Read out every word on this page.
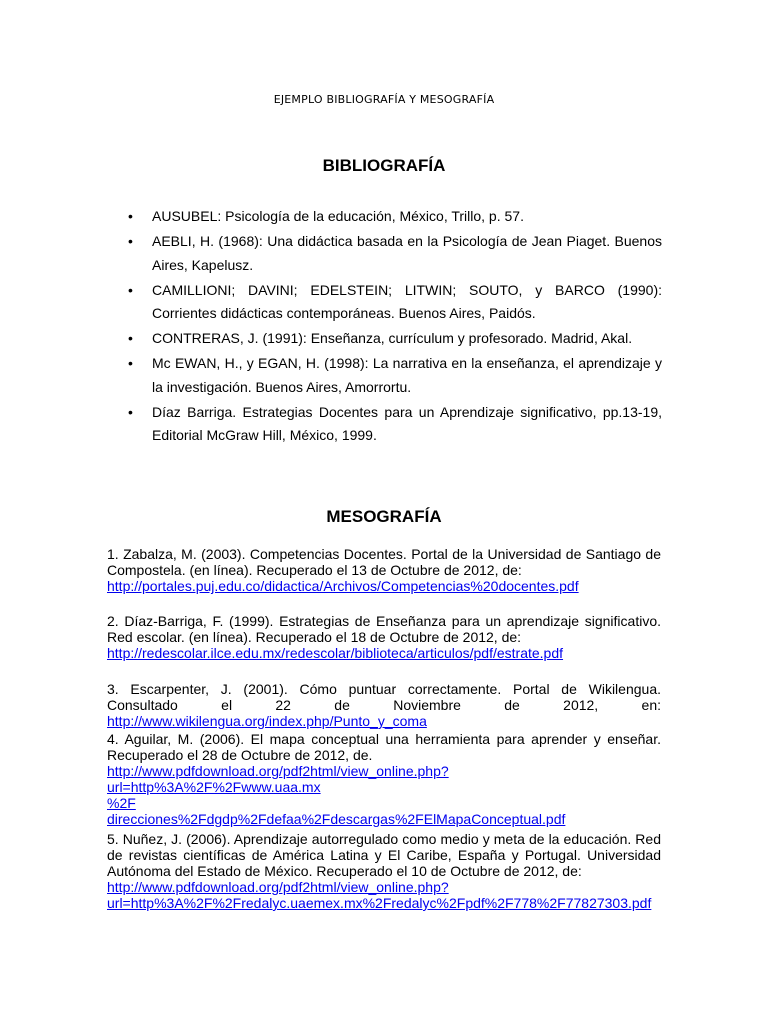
EJEMPLO BIBLIOGRAFÍA Y MESOGRAFÍA
BIBLIOGRAFÍA
•	AUSUBEL: Psicología de la educación, México, Trillo, p. 57.
•	AEBLI, H. (1968): Una didáctica basada en la Psicología de Jean Piaget. Buenos Aires, Kapelusz.
•	CAMILLIONI; DAVINI; EDELSTEIN; LITWIN; SOUTO, y BARCO (1990): Corrientes didácticas contemporáneas. Buenos Aires, Paidós.
•	CONTRERAS, J. (1991): Enseñanza, currículum y profesorado. Madrid, Akal.
•	Mc EWAN, H., y EGAN, H. (1998): La narrativa en la enseñanza, el aprendizaje y la investigación. Buenos Aires, Amorrortu.
•	Díaz Barriga. Estrategias Docentes para un Aprendizaje significativo, pp.13-19, Editorial McGraw Hill, México, 1999.
MESOGRAFÍA
1. Zabalza, M. (2003). Competencias Docentes. Portal de la Universidad de Santiago de Compostela. (en línea). Recuperado el 13 de Octubre de 2012, de:
http://portales.puj.edu.co/didactica/Archivos/Competencias%20docentes.pdf
2. Díaz-Barriga, F. (1999). Estrategias de Enseñanza para un aprendizaje significativo. Red escolar. (en línea). Recuperado el 18 de Octubre de 2012, de:
http://redescolar.ilce.edu.mx/redescolar/biblioteca/articulos/pdf/estrate.pdf
3. Escarpenter, J. (2001). Cómo puntuar correctamente. Portal de Wikilengua. Consultado el 22 de Noviembre de 2012, en: http://www.wikilengua.org/index.php/Punto_y_coma
4. Aguilar, M. (2006). El mapa conceptual una herramienta para aprender y enseñar. Recuperado el 28 de Octubre de 2012, de.
http://www.pdfdownload.org/pdf2html/view_online.php?url=http%3A%2F%2Fwww.uaa.mx
%2F
direcciones%2Fdgdp%2Fdefaa%2Fdescargas%2FElMapaConceptual.pdf
5. Nuñez, J. (2006). Aprendizaje autorregulado como medio y meta de la educación. Red de revistas científicas de América Latina y El Caribe, España y Portugal. Universidad Autónoma del Estado de México. Recuperado el 10 de Octubre de 2012, de:
http://www.pdfdownload.org/pdf2html/view_online.php?
url=http%3A%2F%2Fredalyc.uaemex.mx%2Fredalyc%2Fpdf%2F778%2F77827303.pdf
